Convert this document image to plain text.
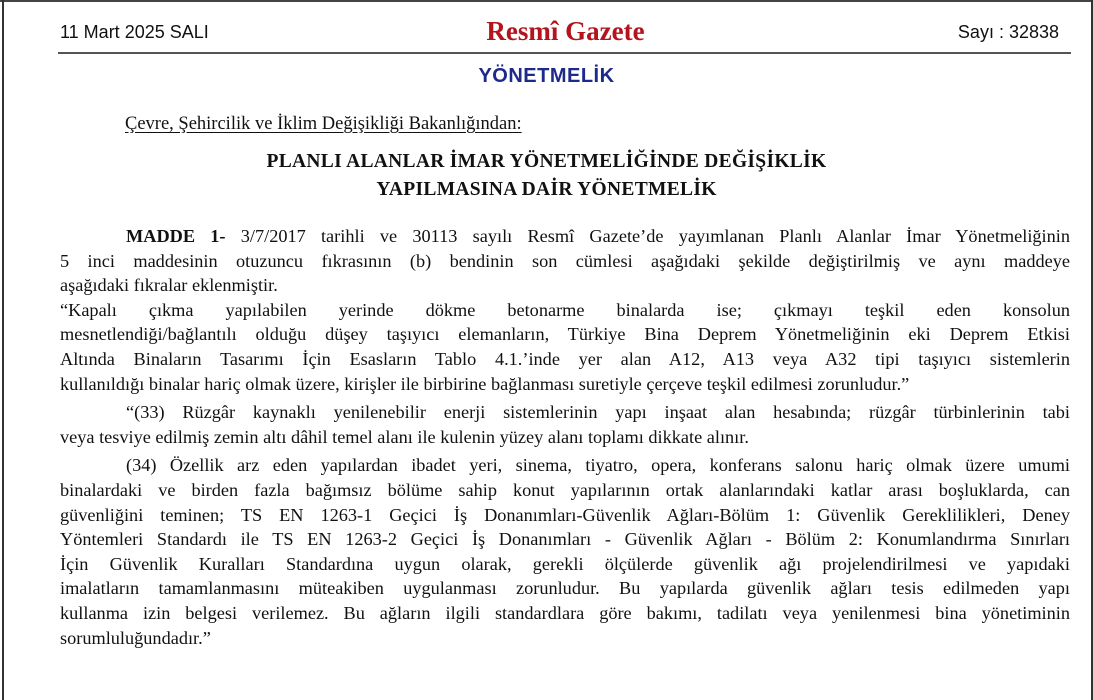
11 Mart 2025 SALI	Resmî Gazete	Sayı : 32838
YÖNETMELİK
Çevre, Şehircilik ve İklim Değişikliği Bakanlığından:
PLANLI ALANLAR İMAR YÖNETMELİĞİNDE DEĞİŞİKLİK
YAPILMASINA DAİR YÖNETMELİK
MADDE 1- 3/7/2017 tarihli ve 30113 sayılı Resmî Gazete’de yayımlanan Planlı Alanlar İmar Yönetmeliğinin
5 inci maddesinin otuzuncu fıkrasının (b) bendinin son cümlesi aşağıdaki şekilde değiştirilmiş ve aynı maddeye
aşağıdaki fıkralar eklenmiştir.
“Kapalı çıkma yapılabilen yerinde dökme betonarme binalarda ise; çıkmayı teşkil eden konsolun
mesnetlendiği/bağlantılı olduğu düşey taşıyıcı elemanların, Türkiye Bina Deprem Yönetmeliğinin eki Deprem Etkisi
Altında Binaların Tasarımı İçin Esasların Tablo 4.1.’inde yer alan A12, A13 veya A32 tipi taşıyıcı sistemlerin
kullanıldığı binalar hariç olmak üzere, kirişler ile birbirine bağlanması suretiyle çerçeve teşkil edilmesi zorunludur.”
“(33) Rüzgâr kaynaklı yenilenebilir enerji sistemlerinin yapı inşaat alan hesabında; rüzgâr türbinlerinin tabi
veya tesviye edilmiş zemin altı dâhil temel alanı ile kulenin yüzey alanı toplamı dikkate alınır.
(34) Özellik arz eden yapılardan ibadet yeri, sinema, tiyatro, opera, konferans salonu hariç olmak üzere umumi
binalardaki ve birden fazla bağımsız bölüme sahip konut yapılarının ortak alanlarındaki katlar arası boşluklarda, can
güvenliğini teminen; TS EN 1263-1 Geçici İş Donanımları-Güvenlik Ağları-Bölüm 1: Güvenlik Gereklilikleri, Deney
Yöntemleri Standardı ile TS EN 1263-2 Geçici İş Donanımları - Güvenlik Ağları - Bölüm 2: Konumlandırma Sınırları
İçin Güvenlik Kuralları Standardına uygun olarak, gerekli ölçülerde güvenlik ağı projelendirilmesi ve yapıdaki
imalatların tamamlanmasını müteakiben uygulanması zorunludur. Bu yapılarda güvenlik ağları tesis edilmeden yapı
kullanma izin belgesi verilemez. Bu ağların ilgili standardlara göre bakımı, tadilatı veya yenilenmesi bina yönetiminin
sorumluluğundadır.”
